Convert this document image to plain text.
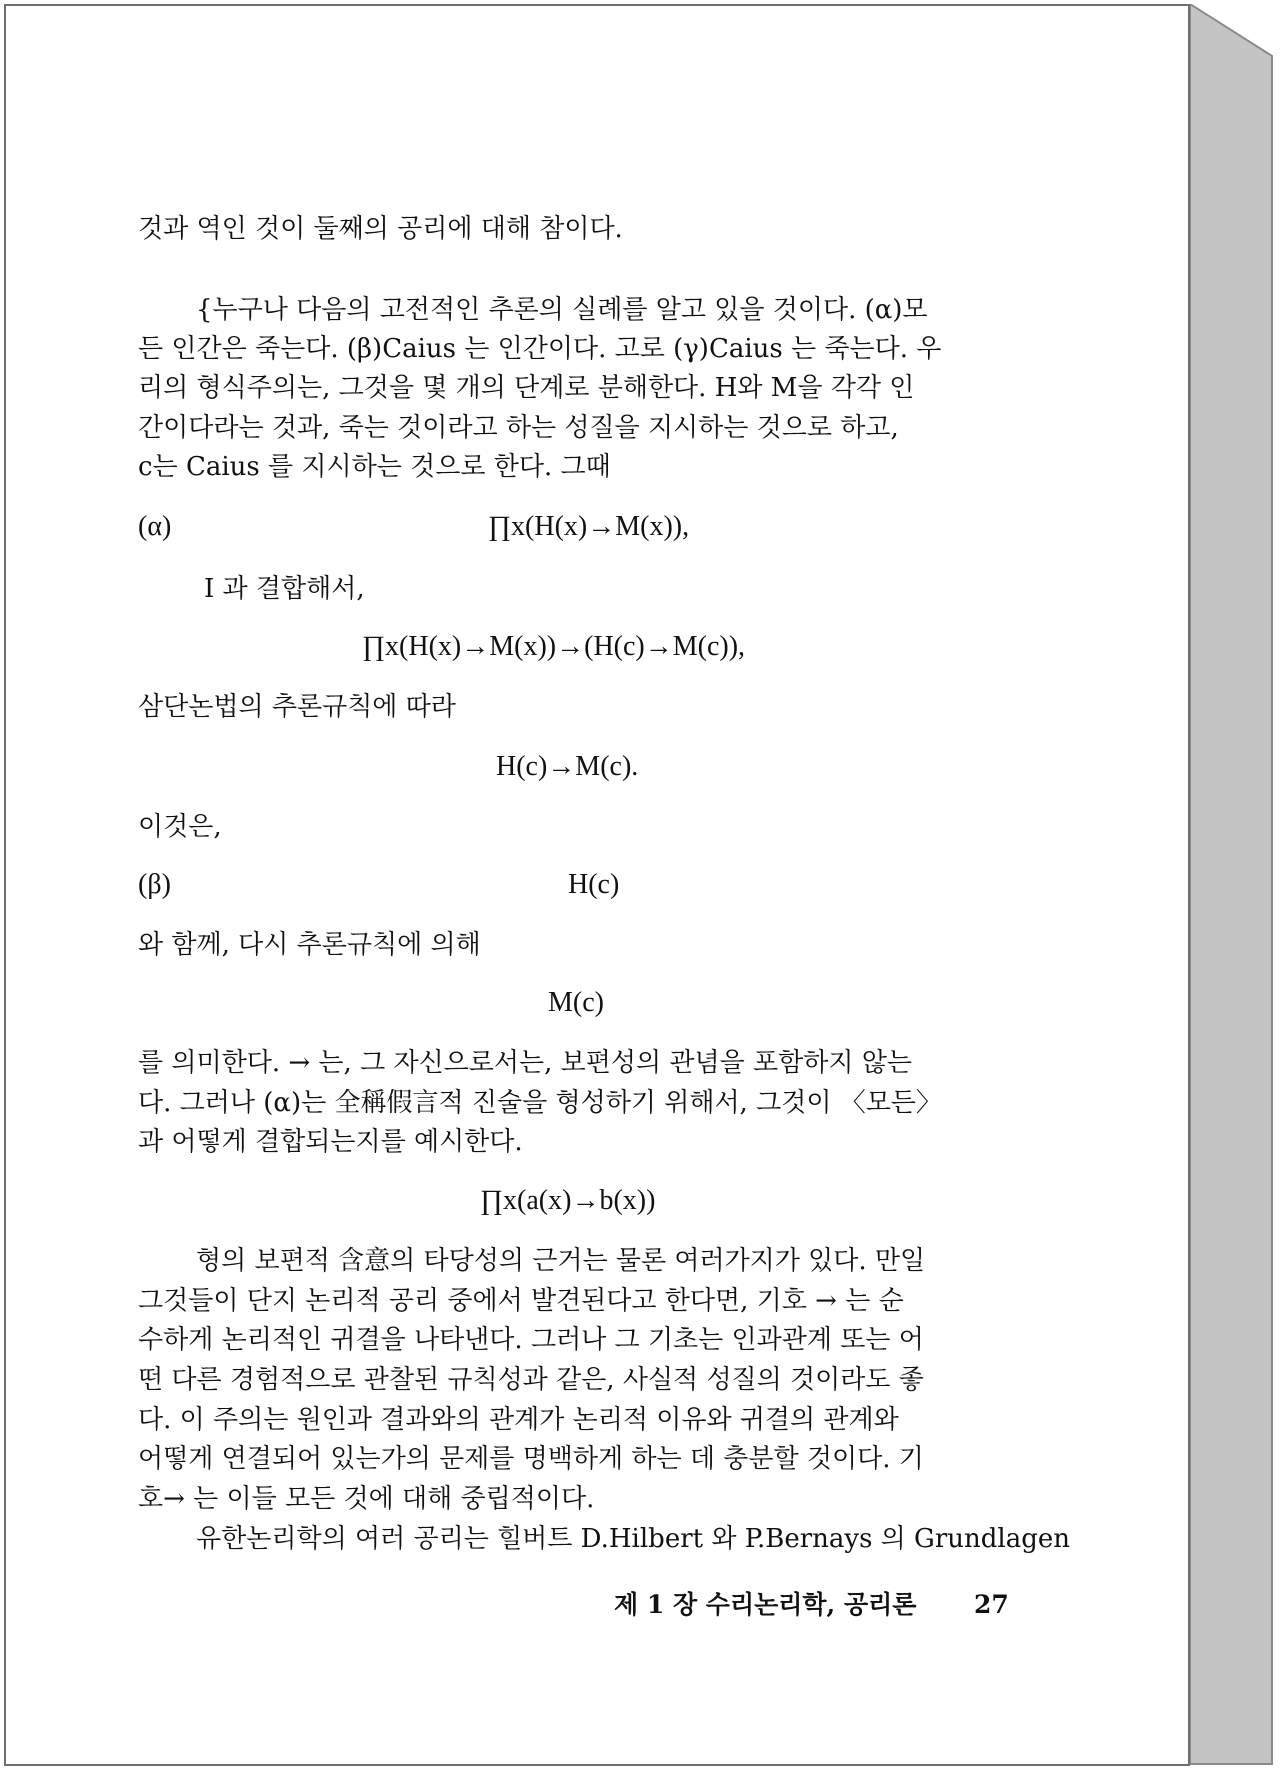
것과 역인 것이 둘째의 공리에 대해 참이다.
{누구나 다음의 고전적인 추론의 실례를 알고 있을 것이다. (α)모
든 인간은 죽는다. (β)Caius 는 인간이다. 고로 (γ)Caius 는 죽는다. 우
리의 형식주의는, 그것을 몇 개의 단계로 분해한다. H와 M을 각각 인
간이다라는 것과, 죽는 것이라고 하는 성질을 지시하는 것으로 하고,
c는 Caius 를 지시하는 것으로 한다. 그때
(α)	∏x(H(x)→M(x)),
I 과 결합해서,
∏x(H(x)→M(x))→(H(c)→M(c)),
삼단논법의 추론규칙에 따라
H(c)→M(c).
이것은,
(β)	H(c)
와 함께, 다시 추론규칙에 의해
M(c)
를 의미한다. → 는, 그 자신으로서는, 보편성의 관념을 포함하지 않는
다. 그러나 (α)는 全稱假言적 진술을 형성하기 위해서, 그것이 〈모든〉
과 어떻게 결합되는지를 예시한다.
∏x(a(x)→b(x))
형의 보편적 含意의 타당성의 근거는 물론 여러가지가 있다. 만일
그것들이 단지 논리적 공리 중에서 발견된다고 한다면, 기호 → 는 순
수하게 논리적인 귀결을 나타낸다. 그러나 그 기초는 인과관계 또는 어
떤 다른 경험적으로 관찰된 규칙성과 같은, 사실적 성질의 것이라도 좋
다. 이 주의는 원인과 결과와의 관계가 논리적 이유와 귀결의 관계와
어떻게 연결되어 있는가의 문제를 명백하게 하는 데 충분할 것이다. 기
호→ 는 이들 모든 것에 대해 중립적이다.
유한논리학의 여러 공리는 힐버트 D.Hilbert 와 P.Bernays 의 Grundlagen
제 1 장 수리논리학, 공리론 27
